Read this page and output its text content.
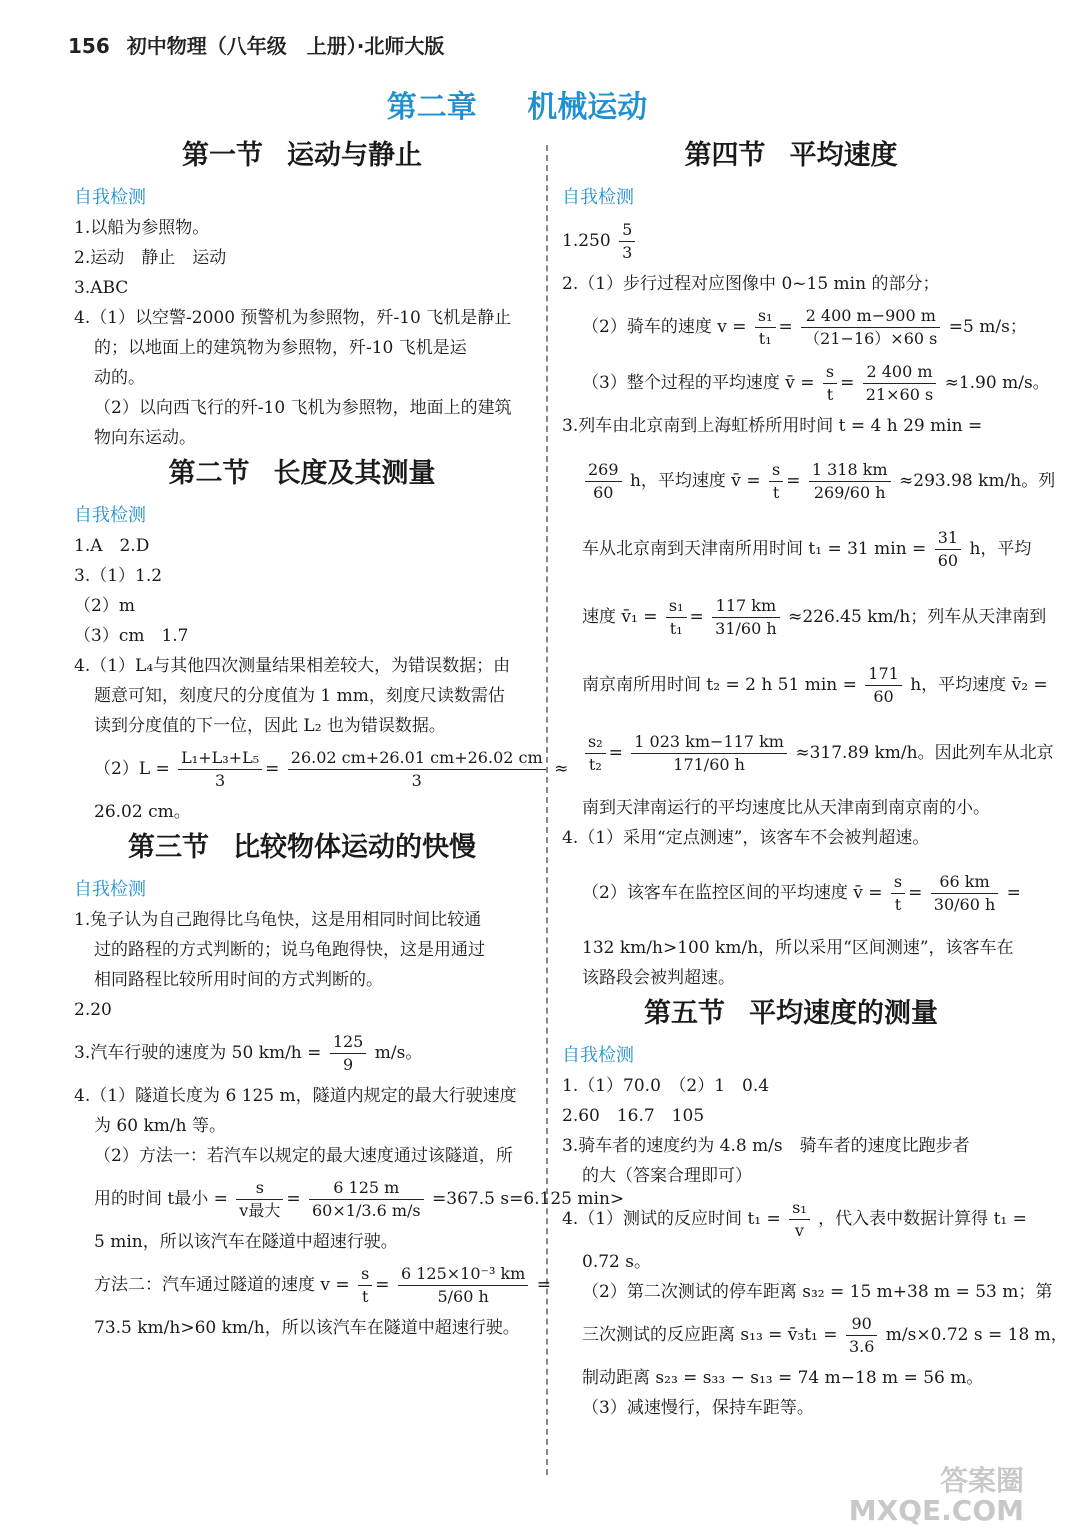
156 初中物理（八年级　上册）·北师大版
第二章 机械运动
第一节 运动与静止
自我检测
1.以船为参照物。
2.运动　静止　运动
3.ABC
4.（1）以空警-2000 预警机为参照物，歼-10 飞机是静止
的；以地面上的建筑物为参照物，歼-10 飞机是运
动的。
（2）以向西飞行的歼-10 飞机为参照物，地面上的建筑
物向东运动。
第二节 长度及其测量
自我检测
1.A　2.D
3.（1）1.2
（2）m
（3）cm　1.7
4.（1）L₄与其他四次测量结果相差较大，为错误数据；由
题意可知，刻度尺的分度值为 1 mm，刻度尺读数需估
读到分度值的下一位，因此 L₂ 也为错误数据。
$(2)L = \frac{\text{L₁+L₃+L₅}}{3} = \frac{26.02 cm+26.01 cm+26.02 cm}{3}$ ≈
26.02 cm。
第三节 比较物体运动的快慢
自我检测
1.兔子认为自己跑得比乌龟快，这是用相同时间比较通
过的路程的方式判断的；说乌龟跑得快，这是用通过
相同路程比较所用时间的方式判断的。
2.20
3.汽车行驶的速度为 50 $km/h = \frac{125}{9} m/s$。
4.（1）隧道长度为 6 125 m，隧道内规定的最大行驶速度
为 60 km/h 等。
（2）方法一：若汽车以规定的最大速度通过该隧道，所
用的时间 t最小 = $\frac{s}{\text{v最大}} = \frac{6 125 m}{60\times 1/3.6 m/s} =367.5$ s=6.125 min>
5 min，所以该汽车在隧道中超速行驶。
方法二：汽车通过隧道的速度 $v = \frac{s}{t} = \frac{\text{6 125×10⁻³ km}}{5/60 h}$ =
73.5 km/h>60 km/h，所以该汽车在隧道中超速行驶。
第四节 平均速度
自我检测
$1.250 \frac{5}{3}$
2.（1）步行过程对应图像中 0~15 min 的部分；
（2）骑车的速度 $v = \frac{\text{s₁}}{\text{t₁}} = \frac{2 400 m-900 m}{(21-16)\times 60 s} =5$ m/s；
（3）整个过程的平均速度 v̄ = $\frac{s}{t} = \frac{2 400 m}{21\times 60 s} \approx 1.90$ m/s。
3.列车由北京南到上海虹桥所用时间 t = 4 h 29 min =
$\frac{269}{60}$ h，平均速度 v̄ = $\frac{s}{t} = \frac{1 318 km}{269/60 h} \approx 293.98$ km/h。列
车从北京南到天津南所用时间 t₁ = 31 $\min = \frac{31}{60}$ h，平均
速度 v̄₁ = $\frac{\text{s₁}}{\text{t₁}} = \frac{117 km}{31/60 h} \approx 226.45$ km/h；列车从天津南到
南京南所用时间 t₂ = 2 h 51 $\min = \frac{171}{60}$ h，平均速度 v̄₂ =
$\frac{\text{s₂}}{\text{t₂}} = \frac{1 023 km-117 km}{171/60 h} \approx 317.89$ km/h。因此列车从北京
南到天津南运行的平均速度比从天津南到南京南的小。
4.（1）采用“定点测速”，该客车不会被判超速。
（2）该客车在监控区间的平均速度 v̄ = $\frac{s}{t} = \frac{66 km}{30/60 h}$ =
132 km/h>100 km/h，所以采用“区间测速”，该客车在
该路段会被判超速。
第五节 平均速度的测量
自我检测
1.（1）70.0　（2）1　0.4
2.60　16.7　105
3.骑车者的速度约为 4.8 m/s　骑车者的速度比跑步者
的大（答案合理即可）
4.（1）测试的反应时间 $t_1 = \frac{\text{s₁}}{v}$ ，代入表中数据计算得 t₁ =
0.72 s。
（2）第二次测试的停车距离 s₃₂ = 15 m+38 m = 53 m；第
三次测试的反应距离 s₁₃ = v̄₃t₁ = $\frac{90}{3.6} m/s\times 0.72$ s = 18 m，
制动距离 s₂₃ = s₃₃ − s₁₃ = 74 m−18 m = 56 m。
（3）减速慢行，保持车距等。
答案圈
MXQE.COM
